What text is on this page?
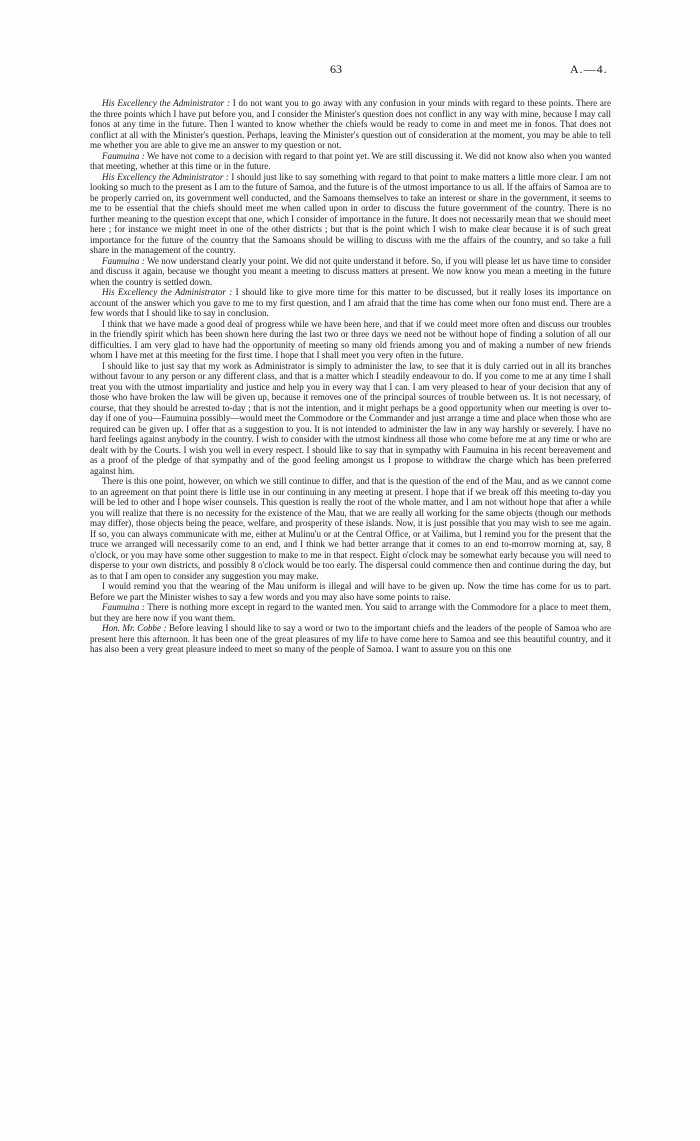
63	A.—4.

His Excellency the Administrator : I do not want you to go away with any confusion in your minds with regard to these points. There are the three points which I have put before you, and I consider the Minister's question does not conflict in any way with mine, because I may call fonos at any time in the future. Then I wanted to know whether the chiefs would be ready to come in and meet me in fonos. That does not conflict at all with the Minister's question. Perhaps, leaving the Minister's question out of consideration at the moment, you may be able to tell me whether you are able to give me an answer to my question or not.

Faumuina : We have not come to a decision with regard to that point yet. We are still discussing it. We did not know also when you wanted that meeting, whether at this time or in the future.

His Excellency the Administrator : I should just like to say something with regard to that point to make matters a little more clear. I am not looking so much to the present as I am to the future of Samoa, and the future is of the utmost importance to us all. If the affairs of Samoa are to be properly carried on, its government well conducted, and the Samoans themselves to take an interest or share in the government, it seems to me to be essential that the chiefs should meet me when called upon in order to discuss the future government of the country. There is no further meaning to the question except that one, which I consider of importance in the future. It does not necessarily mean that we should meet here ; for instance we might meet in one of the other districts ; but that is the point which I wish to make clear because it is of such great importance for the future of the country that the Samoans should be willing to discuss with me the affairs of the country, and so take a full share in the management of the country.

Faumuina : We now understand clearly your point. We did not quite understand it before. So, if you will please let us have time to consider and discuss it again, because we thought you meant a meeting to discuss matters at present. We now know you mean a meeting in the future when the country is settled down.

His Excellency the Administrator : I should like to give more time for this matter to be discussed, but it really loses its importance on account of the answer which you gave to me to my first question, and I am afraid that the time has come when our fono must end. There are a few words that I should like to say in conclusion.

I think that we have made a good deal of progress while we have been here, and that if we could meet more often and discuss our troubles in the friendly spirit which has been shown here during the last two or three days we need not be without hope of finding a solution of all our difficulties. I am very glad to have had the opportunity of meeting so many old friends among you and of making a number of new friends whom I have met at this meeting for the first time. I hope that I shall meet you very often in the future.

I should like to just say that my work as Administrator is simply to administer the law, to see that it is duly carried out in all its branches without favour to any person or any different class, and that is a matter which I steadily endeavour to do. If you come to me at any time I shall treat you with the utmost impartiality and justice and help you in every way that I can. I am very pleased to hear of your decision that any of those who have broken the law will be given up, because it removes one of the principal sources of trouble between us. It is not necessary, of course, that they should be arrested to-day ; that is not the intention, and it might perhaps be a good opportunity when our meeting is over to-day if one of you—Faumuina possibly—would meet the Commodore or the Commander and just arrange a time and place when those who are required can be given up. I offer that as a suggestion to you. It is not intended to administer the law in any way harshly or severely. I have no hard feelings against anybody in the country. I wish to consider with the utmost kindness all those who come before me at any time or who are dealt with by the Courts. I wish you well in every respect. I should like to say that in sympathy with Faumuina in his recent bereavement and as a proof of the pledge of that sympathy and of the good feeling amongst us I propose to withdraw the charge which has been preferred against him.

There is this one point, however, on which we still continue to differ, and that is the question of the end of the Mau, and as we cannot come to an agreement on that point there is little use in our continuing in any meeting at present. I hope that if we break off this meeting to-day you will be led to other and I hope wiser counsels. This question is really the root of the whole matter, and I am not without hope that after a while you will realize that there is no necessity for the existence of the Mau, that we are really all working for the same objects (though our methods may differ), those objects being the peace, welfare, and prosperity of these islands. Now, it is just possible that you may wish to see me again. If so, you can always communicate with me, either at Mulinu'u or at the Central Office, or at Vailima, but I remind you for the present that the truce we arranged will necessarily come to an end, and I think we had better arrange that it comes to an end to-morrow morning at, say, 8 o'clock, or you may have some other suggestion to make to me in that respect. Eight o'clock may be somewhat early because you will need to disperse to your own districts, and possibly 8 o'clock would be too early. The dispersal could commence then and continue during the day, but as to that I am open to consider any suggestion you may make.

I would remind you that the wearing of the Mau uniform is illegal and will have to be given up. Now the time has come for us to part. Before we part the Minister wishes to say a few words and you may also have some points to raise.

Faumuina : There is nothing more except in regard to the wanted men. You said to arrange with the Commodore for a place to meet them, but they are here now if you want them.

Hon. Mr. Cobbe : Before leaving I should like to say a word or two to the important chiefs and the leaders of the people of Samoa who are present here this afternoon. It has been one of the great pleasures of my life to have come here to Samoa and see this beautiful country, and it has also been a very great pleasure indeed to meet so many of the people of Samoa. I want to assure you on this one
